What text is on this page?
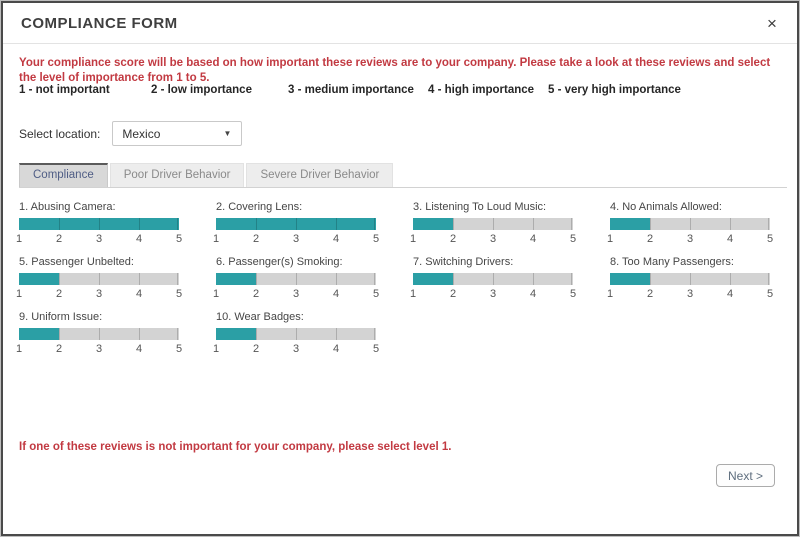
COMPLIANCE FORM	×
Your compliance score will be based on how important these reviews are to your company. Please take a look at these reviews and select the level of importance from 1 to 5.
1 - not important	2 - low importance	3 - medium importance	4 - high importance	5 - very high importance
Select location: Mexico	▼
Compliance	Poor Driver Behavior	Severe Driver Behavior
1. Abusing Camera:
1	2	3	4	5
2. Covering Lens:
1	2	3	4	5
3. Listening To Loud Music:
1	2	3	4	5
4. No Animals Allowed:
1	2	3	4	5
5. Passenger Unbelted:
1	2	3	4	5
6. Passenger(s) Smoking:
1	2	3	4	5
7. Switching Drivers:
1	2	3	4	5
8. Too Many Passengers:
1	2	3	4	5
9. Uniform Issue:
1	2	3	4	5
10. Wear Badges:
1	2	3	4	5
If one of these reviews is not important for your company, please select level 1.
Next >
